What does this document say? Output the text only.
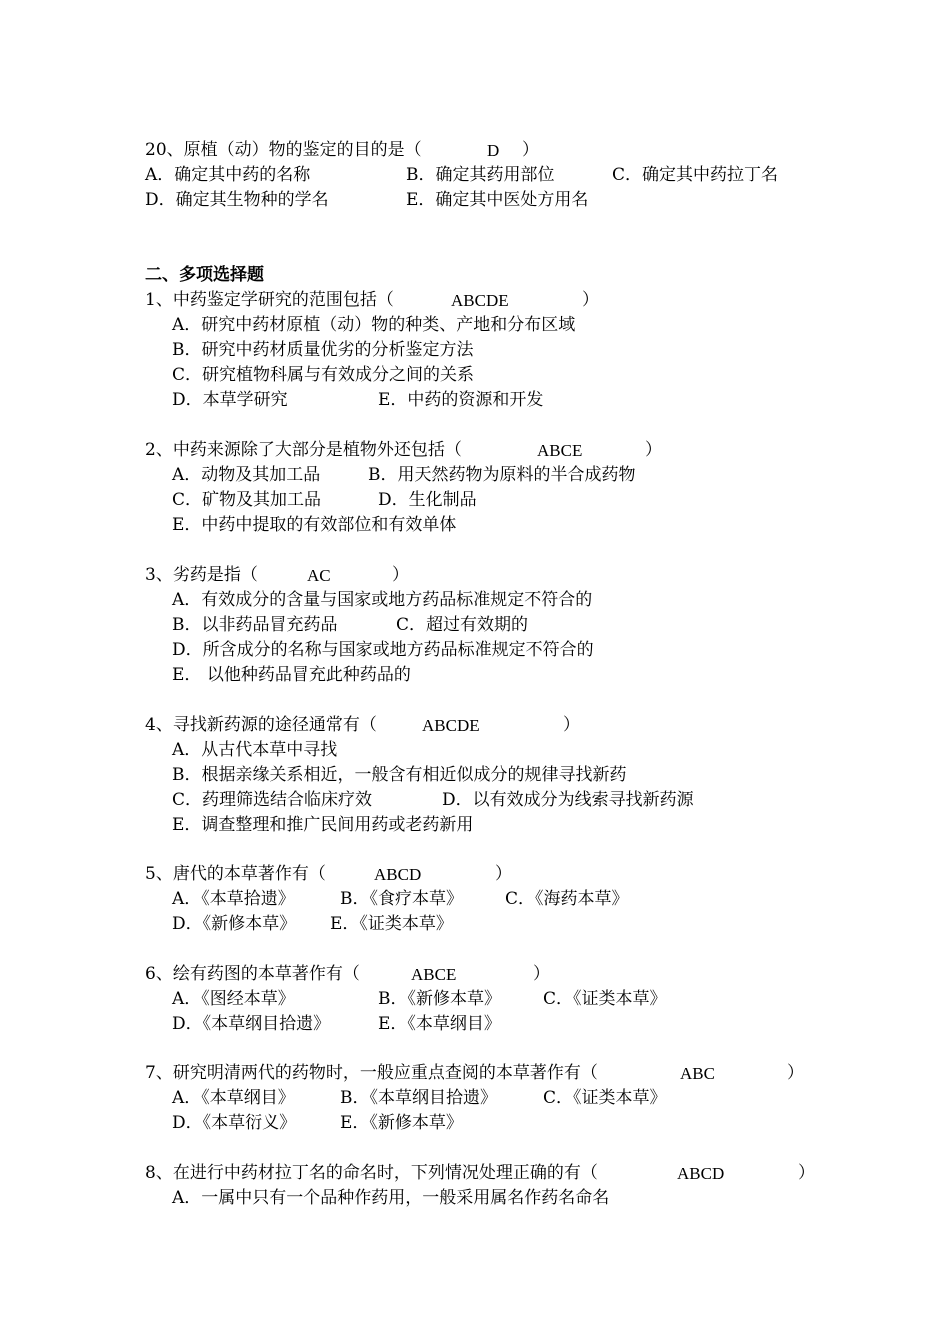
20、原植（动）物的鉴定的目的是（	D ）
A．确定其中药的名称	B．确定其药用部位	C．确定其中药拉丁名
D．确定其生物种的学名	E．确定其中医处方用名
二、多项选择题
1、中药鉴定学研究的范围包括（	ABCDE	）
A．研究中药材原植（动）物的种类、产地和分布区域
B．研究中药材质量优劣的分析鉴定方法
C．研究植物科属与有效成分之间的关系
D．本草学研究	E．中药的资源和开发
2、中药来源除了大部分是植物外还包括（	ABCE	）
A．动物及其加工品	B．用天然药物为原料的半合成药物
C．矿物及其加工品	D．生化制品
E．中药中提取的有效部位和有效单体
3、劣药是指（	AC	）
A．有效成分的含量与国家或地方药品标准规定不符合的
B．以非药品冒充药品	C．超过有效期的
D．所含成分的名称与国家或地方药品标准规定不符合的
E． 以他种药品冒充此种药品的
4、寻找新药源的途径通常有（	ABCDE	）
A．从古代本草中寻找
B．根据亲缘关系相近，一般含有相近似成分的规律寻找新药
C．药理筛选结合临床疗效	D．以有效成分为线索寻找新药源
E．调查整理和推广民间用药或老药新用
5、唐代的本草著作有（	ABCD	）
A．《本草拾遗》	B．《食疗本草》 C．《海药本草》
D．《新修本草》 E．《证类本草》
6、绘有药图的本草著作有（	ABCE	）
A．《图经本草》	B．《新修本草》 C．《证类本草》
D．《本草纲目拾遗》	E．《本草纲目》
7、研究明清两代的药物时，一般应重点查阅的本草著作有（	ABC	）
A．《本草纲目》	B．《本草纲目拾遗》	C．《证类本草》
D．《本草衍义》	E．《新修本草》
8、在进行中药材拉丁名的命名时，下列情况处理正确的有（	ABCD	）
A．一属中只有一个品种作药用，一般采用属名作药名命名
